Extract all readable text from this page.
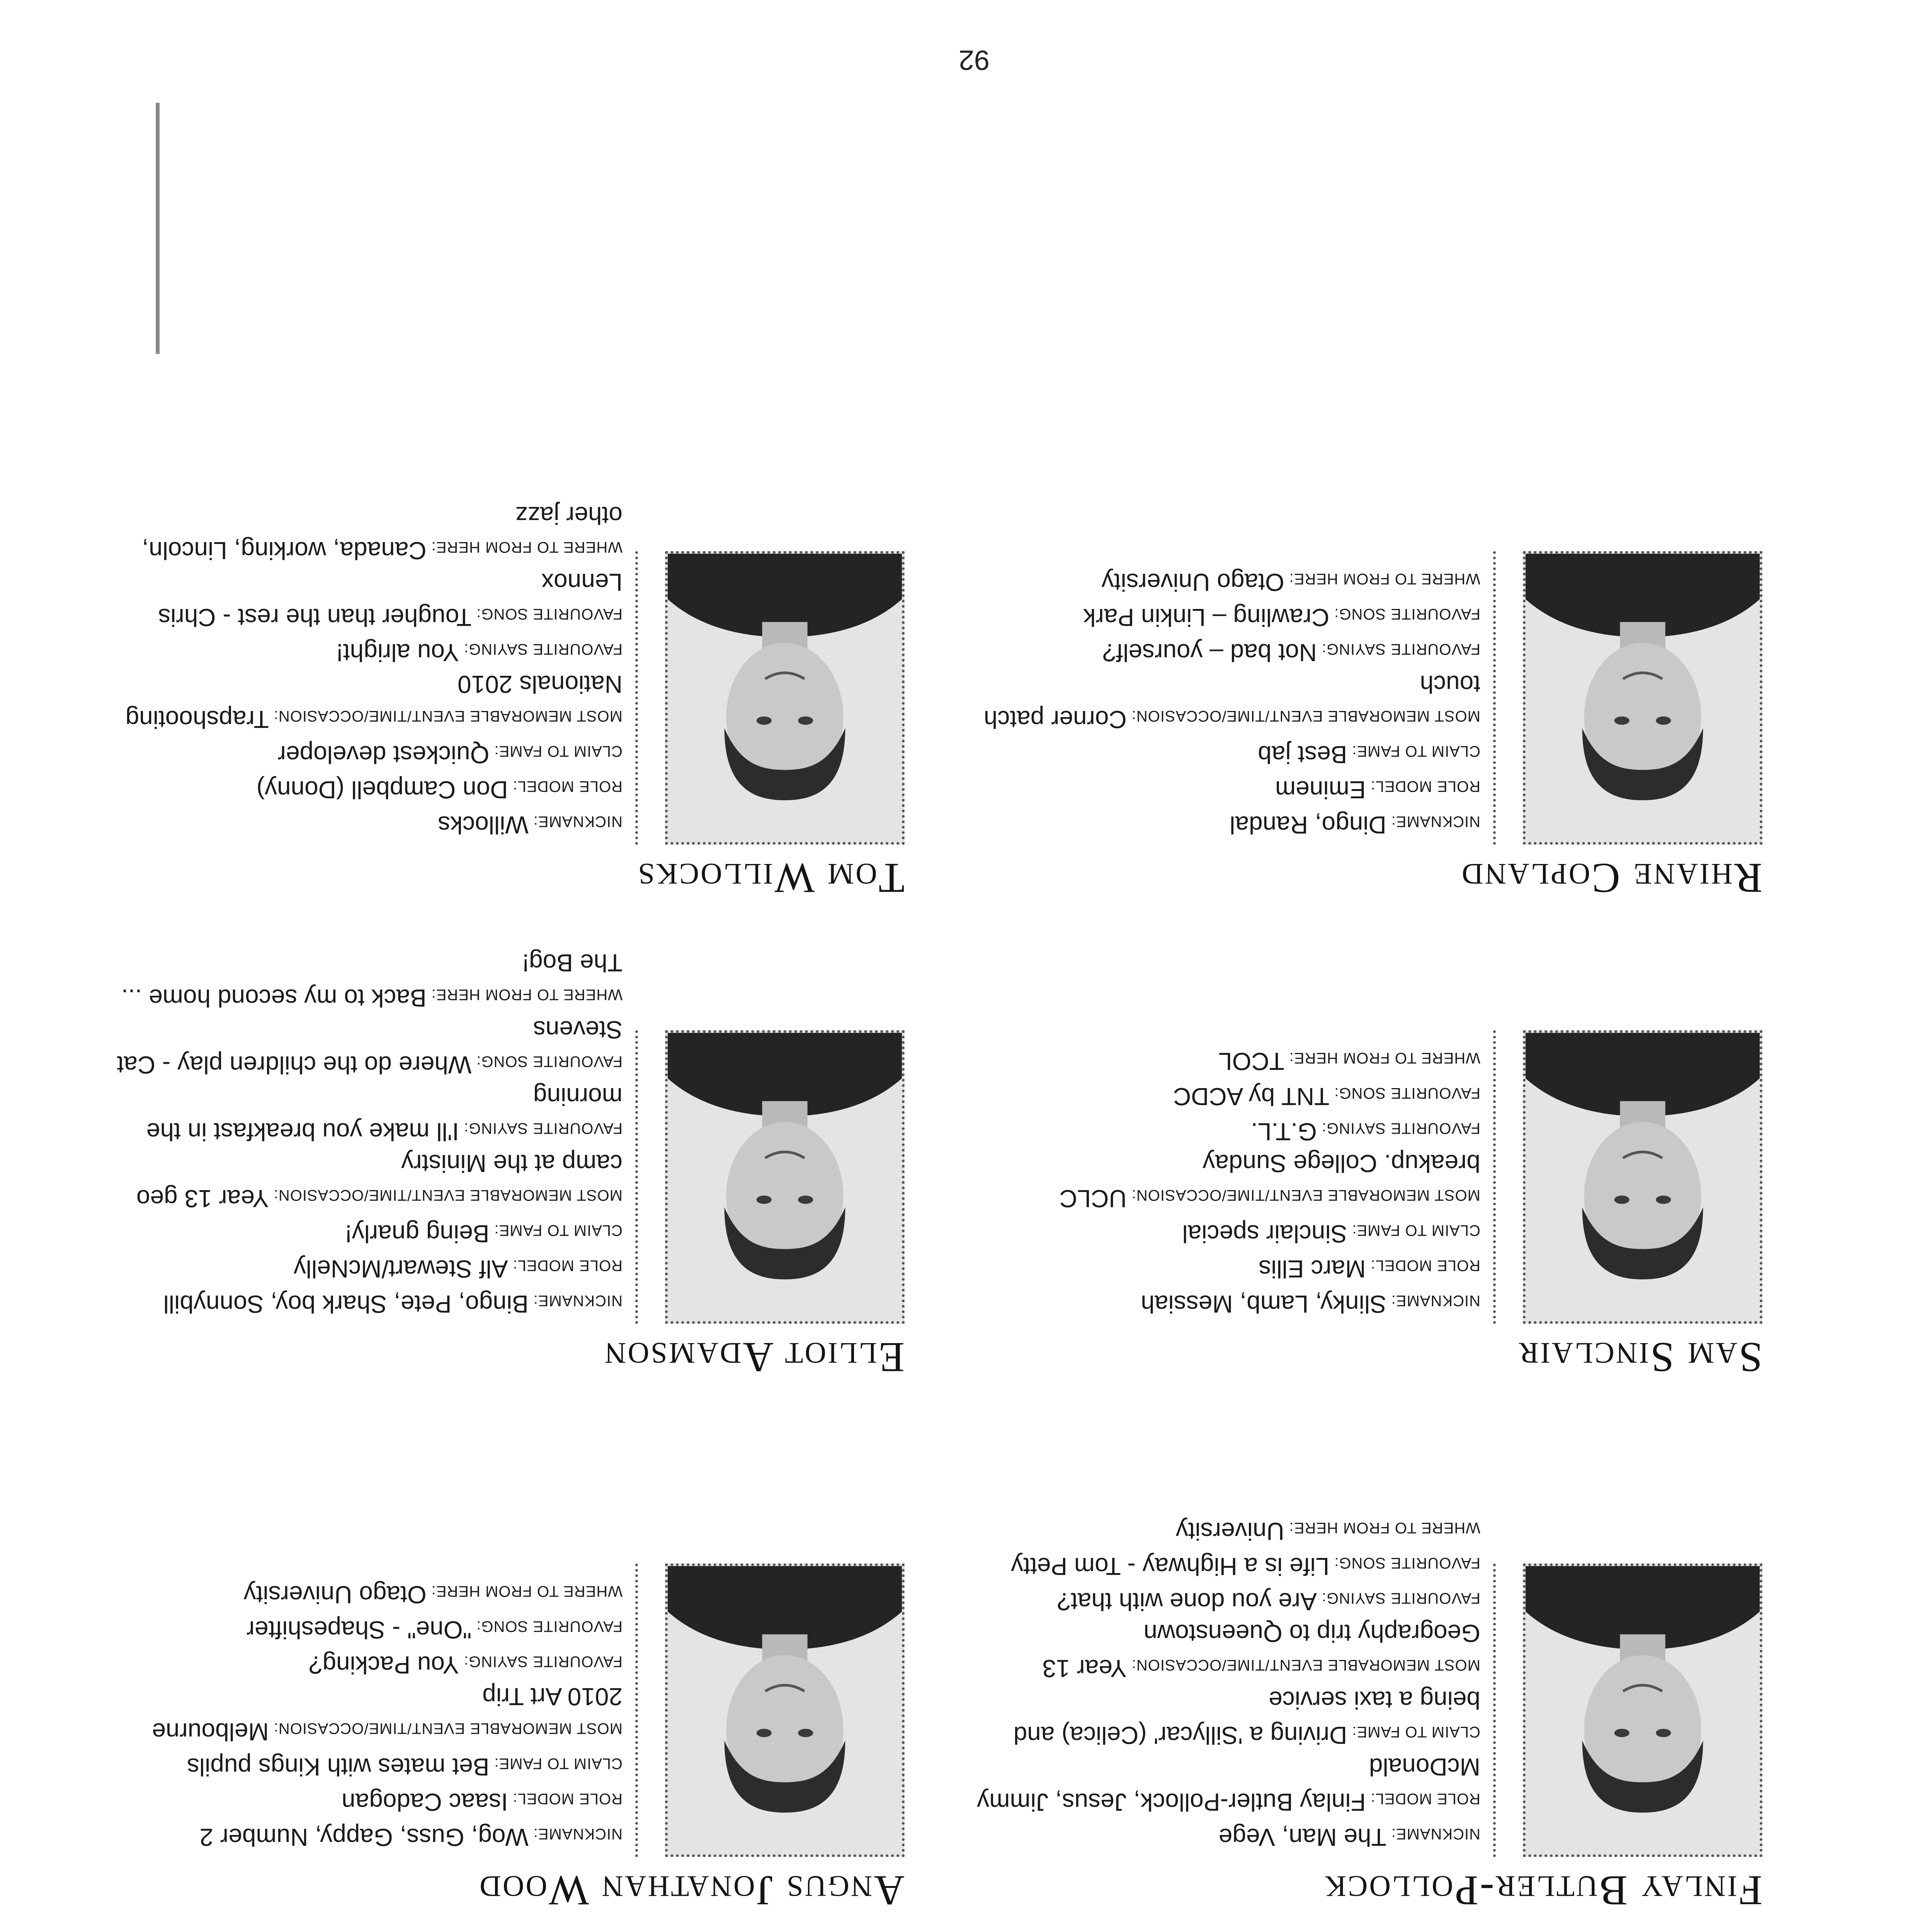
Finlay Butler-Pollock
NICKNAME:The Man, Vege
ROLE MODEL:Finlay Butler-Pollock, Jesus, Jimmy McDonald
CLAIM TO FAME:Driving a 'Sillycar' (Celica) and being a taxi service
MOST MEMORABLE EVENT/TIME/OCCASION:Year 13 Geography trip to Queenstown
FAVOURITE SAYING:Are you done with that?
FAVOURITE SONG:Life is a Highway - Tom Petty
WHERE TO FROM HERE:University
Angus Jonathan Wood
NICKNAME:Wog, Guss, Gappy, Number 2
ROLE MODEL:Isaac Cadogan
CLAIM TO FAME:Bet mates with Kings pupils
MOST MEMORABLE EVENT/TIME/OCCASION:Melbourne 2010 Art Trip
FAVOURITE SAYING:You Packing?
FAVOURITE SONG:"One" - Shapeshifter
WHERE TO FROM HERE:Otago University
Sam Sinclair
NICKNAME:Slinky, Lamb, Messiah
ROLE MODEL:Marc Ellis
CLAIM TO FAME:Sinclair special
MOST MEMORABLE EVENT/TIME/OCCASION:UCLC breakup. College Sunday
FAVOURITE SAYING:G.T.L.
FAVOURITE SONG:TNT by ACDC
WHERE TO FROM HERE:TCOL
Elliot Adamson
NICKNAME:Bingo, Pete, Shark boy, Sonnybill
ROLE MODEL:Alf Stewart/McNelly
CLAIM TO FAME:Being gnarly!
MOST MEMORABLE EVENT/TIME/OCCASION:Year 13 geo camp at the Ministry
FAVOURITE SAYING:I'll make you breakfast in the morning
FAVOURITE SONG:Where do the children play - Cat Stevens
WHERE TO FROM HERE:Back to my second home ... The Bog!
Rhiane Copland
NICKNAME:Dingo, Randal
ROLE MODEL:Eminem
CLAIM TO FAME:Best jab
MOST MEMORABLE EVENT/TIME/OCCASION:Corner patch touch
FAVOURITE SAYING:Not bad – yourself?
FAVOURITE SONG:Crawling – Linkin Park
WHERE TO FROM HERE:Otago University
Tom Willocks
NICKNAME:Willocks
ROLE MODEL:Don Campbell (Donny)
CLAIM TO FAME:Quickest developer
MOST MEMORABLE EVENT/TIME/OCCASION:Trapshooting Nationals 2010
FAVOURITE SAYING:You alright!
FAVOURITE SONG:Tougher than the rest - Chris Lennox
WHERE TO FROM HERE:Canada, working, Lincoln, other jazz

92
